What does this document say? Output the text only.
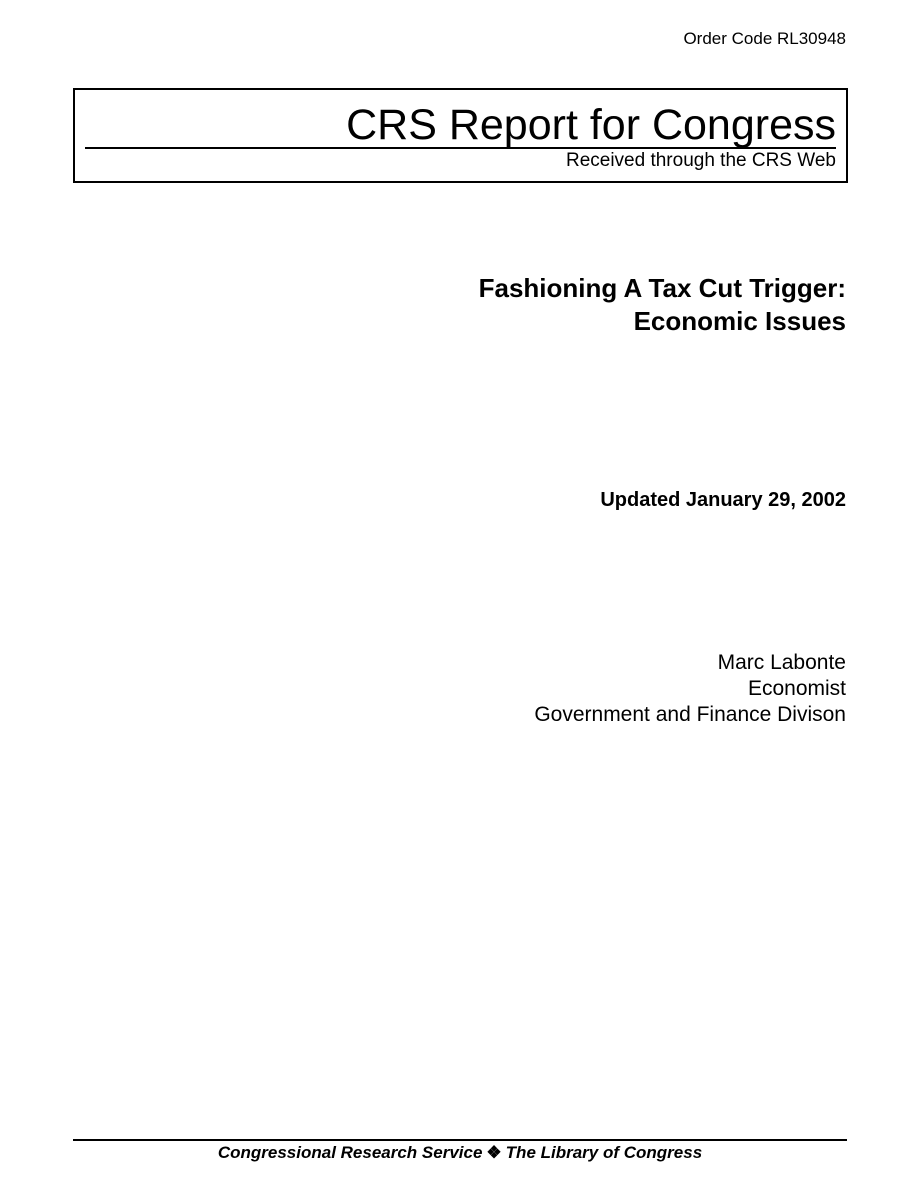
Order Code RL30948
CRS Report for Congress
Received through the CRS Web
Fashioning A Tax Cut Trigger:
Economic Issues
Updated January 29, 2002
Marc Labonte
Economist
Government and Finance Divison
Congressional Research Service ❖ The Library of Congress
